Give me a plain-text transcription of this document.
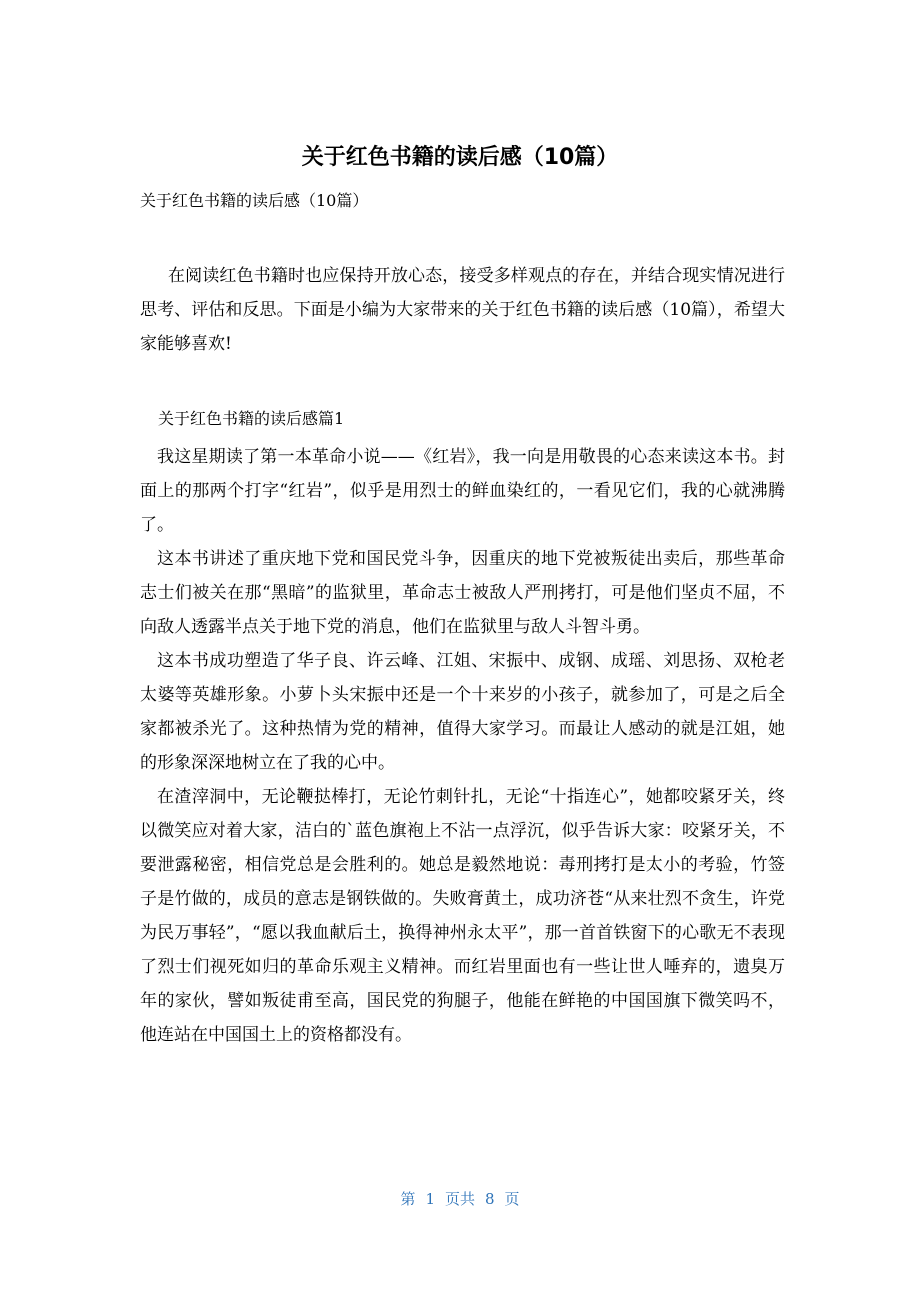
关于红色书籍的读后感（10篇）

关于红色书籍的读后感（10篇）

在阅读红色书籍时也应保持开放心态，接受多样观点的存在，并结合现实情况进行思考、评估和反思。下面是小编为大家带来的关于红色书籍的读后感（10篇），希望大家能够喜欢!

关于红色书籍的读后感篇1

我这星期读了第一本革命小说——《红岩》，我一向是用敬畏的心态来读这本书。封面上的那两个打字“红岩”，似乎是用烈士的鲜血染红的，一看见它们，我的心就沸腾了。

这本书讲述了重庆地下党和国民党斗争，因重庆的地下党被叛徒出卖后，那些革命志士们被关在那“黑暗”的监狱里，革命志士被敌人严刑拷打，可是他们坚贞不屈，不向敌人透露半点关于地下党的消息，他们在监狱里与敌人斗智斗勇。

这本书成功塑造了华子良、许云峰、江姐、宋振中、成钢、成瑶、刘思扬、双枪老太婆等英雄形象。小萝卜头宋振中还是一个十来岁的小孩子，就参加了，可是之后全家都被杀光了。这种热情为党的精神，值得大家学习。而最让人感动的就是江姐，她的形象深深地树立在了我的心中。

在渣滓洞中，无论鞭挞棒打，无论竹刺针扎，无论“十指连心”，她都咬紧牙关，终以微笑应对着大家，洁白的`蓝色旗袍上不沾一点浮沉，似乎告诉大家：咬紧牙关，不要泄露秘密，相信党总是会胜利的。她总是毅然地说：毒刑拷打是太小的考验，竹签子是竹做的，成员的意志是钢铁做的。失败膏黄土，成功济苍“从来壮烈不贪生，许党为民万事轻”，“愿以我血献后土，换得神州永太平”，那一首首铁窗下的心歌无不表现了烈士们视死如归的革命乐观主义精神。而红岩里面也有一些让世人唾弃的，遗臭万年的家伙，譬如叛徒甫至高，国民党的狗腿子，他能在鲜艳的中国国旗下微笑吗不，他连站在中国国土上的资格都没有。

第 1 页共 8 页
